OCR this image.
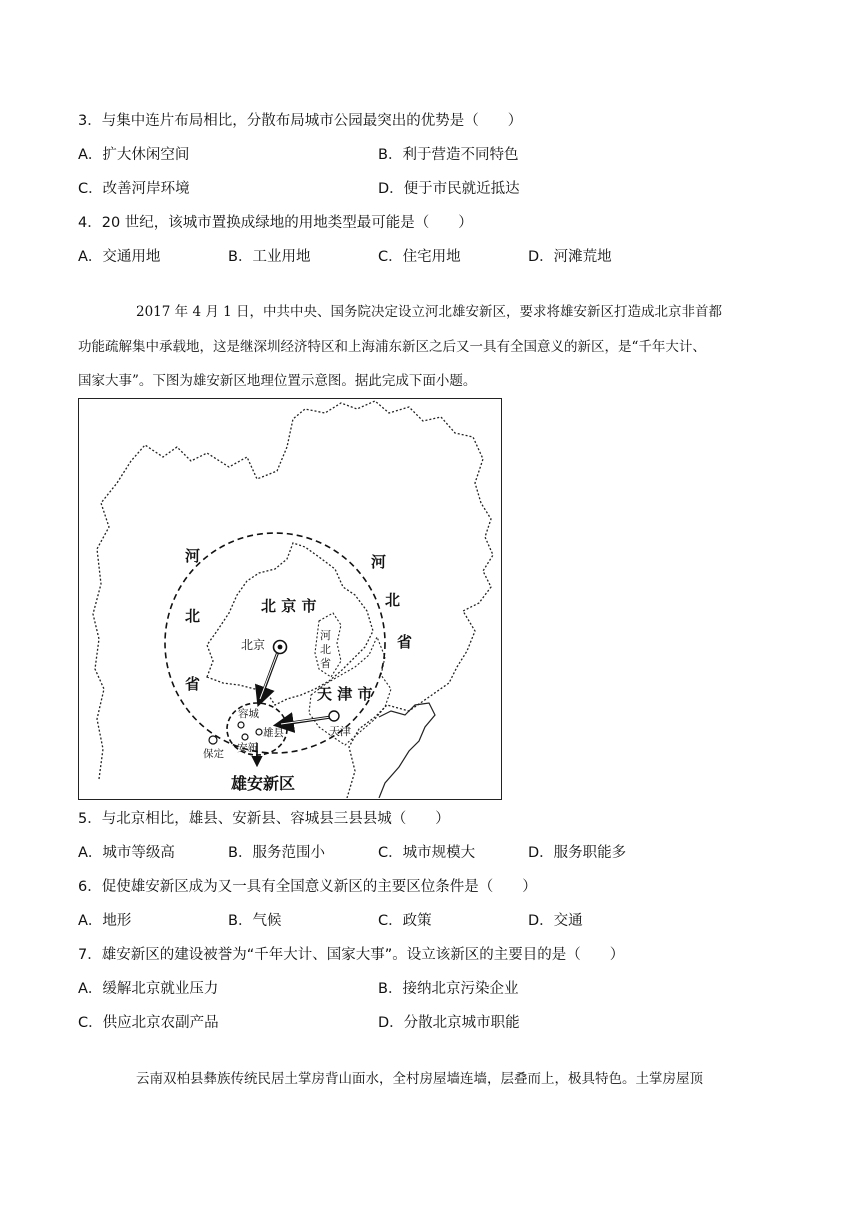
3．与集中连片布局相比，分散布局城市公园最突出的优势是（　　）
A．扩大休闲空间	B．利于营造不同特色
C．改善河岸环境	D．便于市民就近抵达
4．20 世纪，该城市置换成绿地的用地类型最可能是（　　）
A．交通用地	B．工业用地	C．住宅用地	D．河滩荒地
2017 年 4 月 1 日，中共中央、国务院决定设立河北雄安新区，要求将雄安新区打造成北京非首都
功能疏解集中承载地，这是继深圳经济特区和上海浦东新区之后又一具有全国意义的新区，是“千年大计、
国家大事”。下图为雄安新区地理位置示意图。据此完成下面小题。
河
北
省
河
北
省
北 京 市
北京
河
北
省
天 津 市
天津
容城
雄县
安新
保定
雄安新区
5．与北京相比，雄县、安新县、容城县三县县城（　　）
A．城市等级高	B．服务范围小	C．城市规模大	D．服务职能多
6．促使雄安新区成为又一具有全国意义新区的主要区位条件是（　　）
A．地形	B．气候	C．政策	D．交通
7．雄安新区的建设被誉为“千年大计、国家大事”。设立该新区的主要目的是（　　）
A．缓解北京就业压力	B．接纳北京污染企业
C．供应北京农副产品	D．分散北京城市职能
云南双柏县彝族传统民居土掌房背山面水，全村房屋墙连墙，层叠而上，极具特色。土掌房屋顶
